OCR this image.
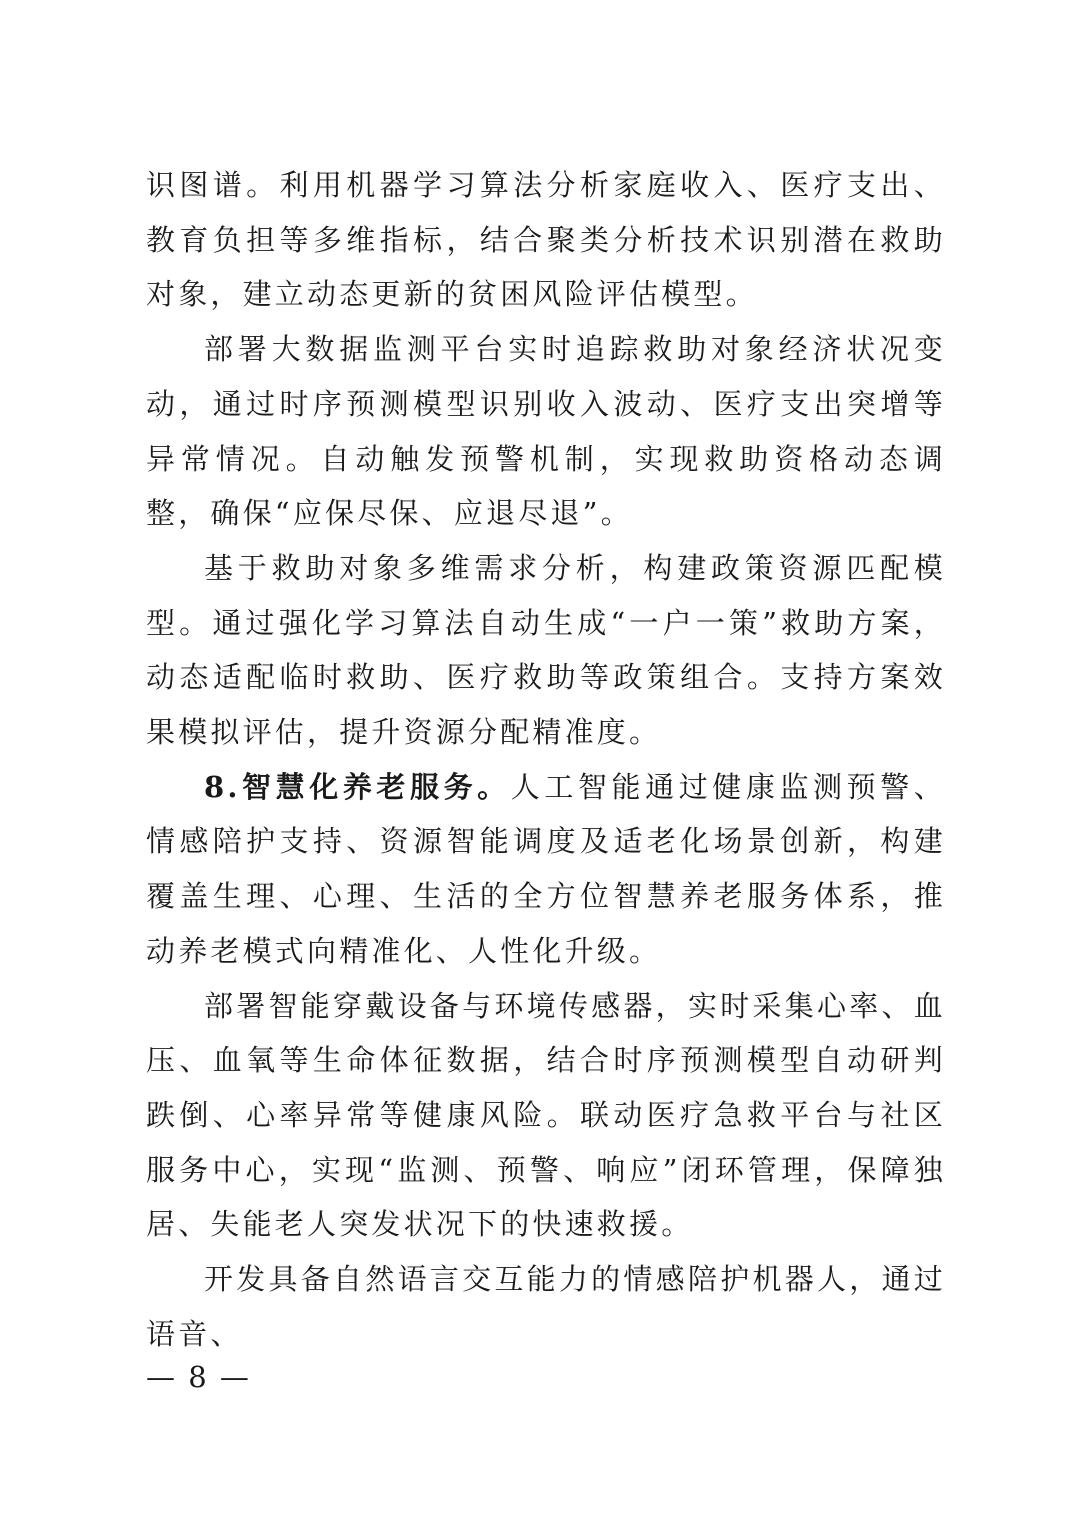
识图谱。利用机器学习算法分析家庭收入、医疗支出、教育负担等多维指标，结合聚类分析技术识别潜在救助对象，建立动态更新的贫困风险评估模型。

部署大数据监测平台实时追踪救助对象经济状况变动，通过时序预测模型识别收入波动、医疗支出突增等异常情况。自动触发预警机制，实现救助资格动态调整，确保“应保尽保、应退尽退”。

基于救助对象多维需求分析，构建政策资源匹配模型。通过强化学习算法自动生成“一户一策”救助方案，动态适配临时救助、医疗救助等政策组合。支持方案效果模拟评估，提升资源分配精准度。

8.智慧化养老服务。人工智能通过健康监测预警、情感陪护支持、资源智能调度及适老化场景创新，构建覆盖生理、心理、生活的全方位智慧养老服务体系，推动养老模式向精准化、人性化升级。

部署智能穿戴设备与环境传感器，实时采集心率、血压、血氧等生命体征数据，结合时序预测模型自动研判跌倒、心率异常等健康风险。联动医疗急救平台与社区服务中心，实现“监测、预警、响应”闭环管理，保障独居、失能老人突发状况下的快速救援。

开发具备自然语言交互能力的情感陪护机器人，通过语音、

— 8 —
